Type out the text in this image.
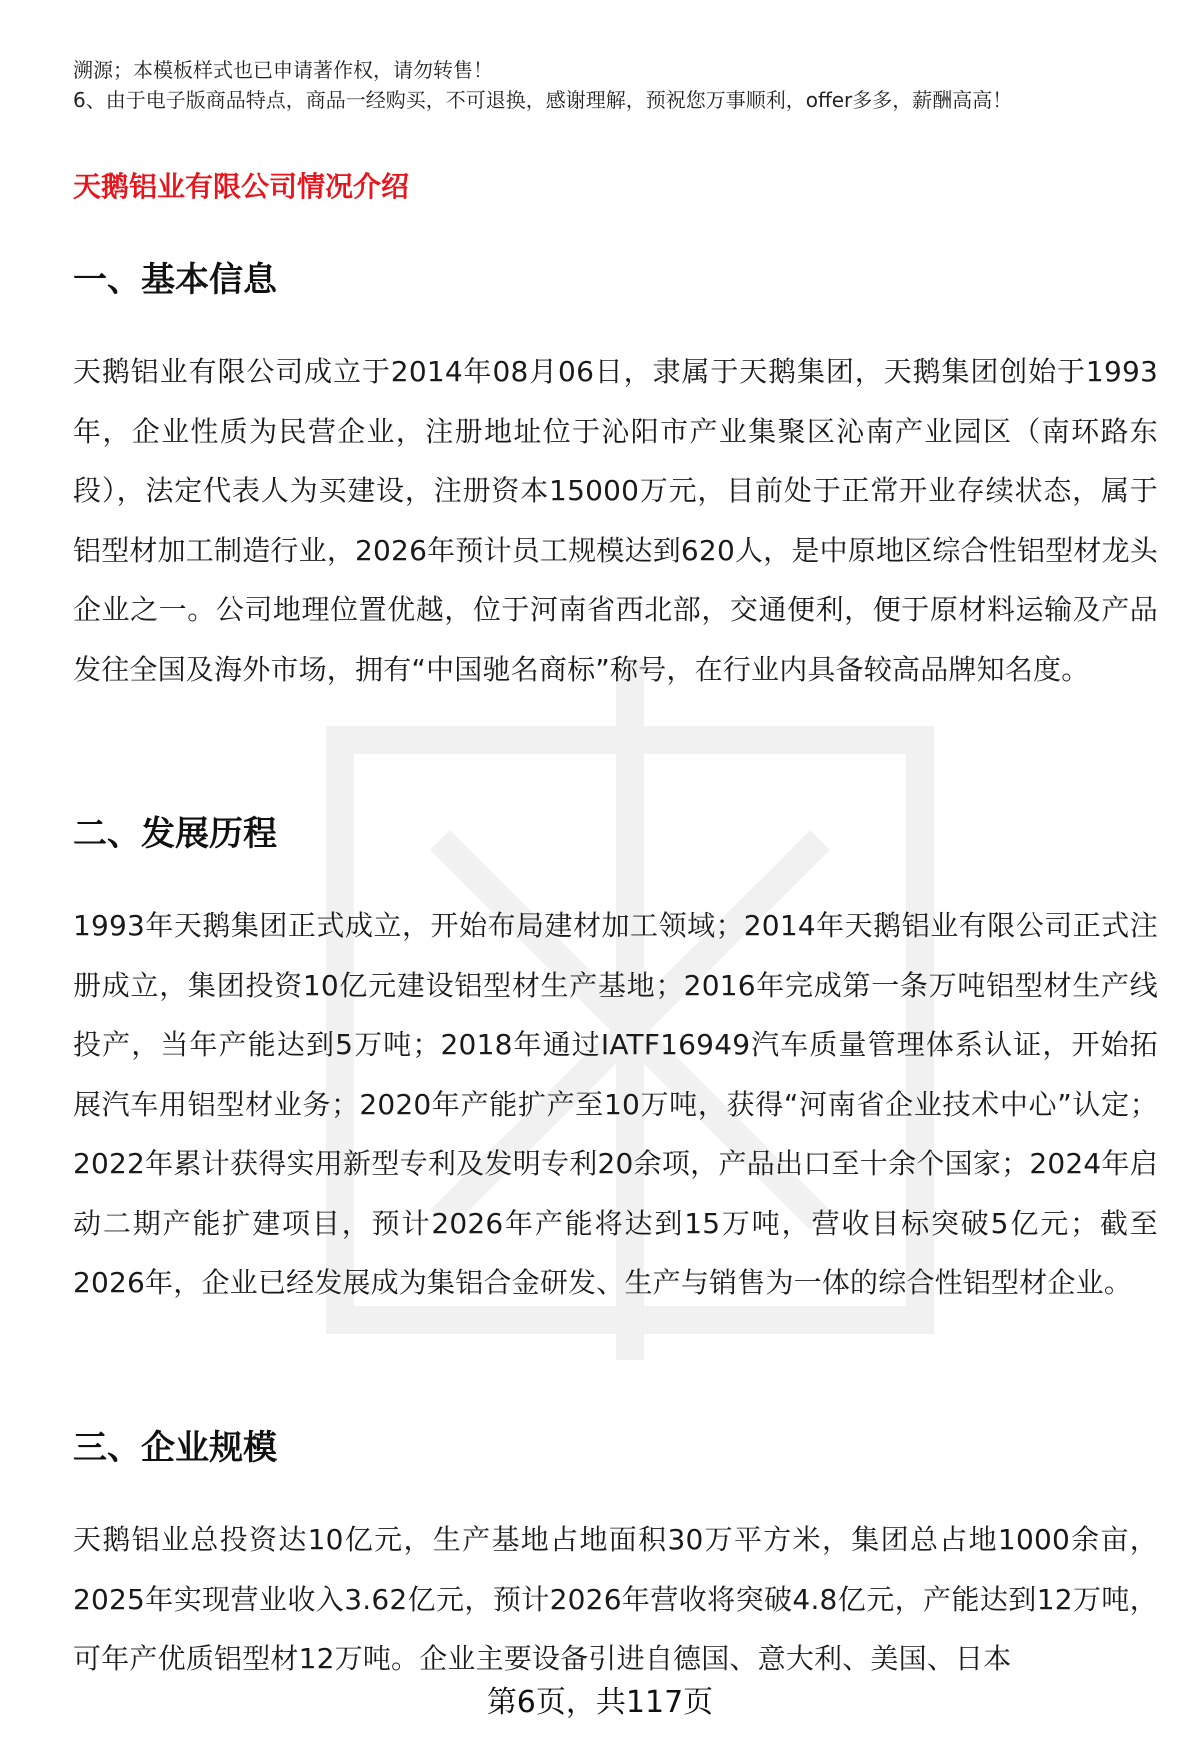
溯源；本模板样式也已申请著作权，请勿转售！
6、由于电子版商品特点，商品一经购买，不可退换，感谢理解，预祝您万事顺利，offer多多，薪酬高高！
天鹅铝业有限公司情况介绍
一、基本信息
天鹅铝业有限公司成立于2014年08月06日，隶属于天鹅集团，天鹅集团创始于1993年，企业性质为民营企业，注册地址位于沁阳市产业集聚区沁南产业园区（南环路东段），法定代表人为买建设，注册资本15000万元，目前处于正常开业存续状态，属于铝型材加工制造行业，2026年预计员工规模达到620人，是中原地区综合性铝型材龙头企业之一。公司地理位置优越，位于河南省西北部，交通便利，便于原材料运输及产品发往全国及海外市场，拥有“中国驰名商标”称号，在行业内具备较高品牌知名度。
二、发展历程
1993年天鹅集团正式成立，开始布局建材加工领域；2014年天鹅铝业有限公司正式注册成立，集团投资10亿元建设铝型材生产基地；2016年完成第一条万吨铝型材生产线投产，当年产能达到5万吨；2018年通过IATF16949汽车质量管理体系认证，开始拓展汽车用铝型材业务；2020年产能扩产至10万吨，获得“河南省企业技术中心”认定；2022年累计获得实用新型专利及发明专利20余项，产品出口至十余个国家；2024年启动二期产能扩建项目，预计2026年产能将达到15万吨，营收目标突破5亿元；截至2026年，企业已经发展成为集铝合金研发、生产与销售为一体的综合性铝型材企业。
三、企业规模
天鹅铝业总投资达10亿元，生产基地占地面积30万平方米，集团总占地1000余亩，2025年实现营业收入3.62亿元，预计2026年营收将突破4.8亿元，产能达到12万吨，可年产优质铝型材12万吨。企业主要设备引进自德国、意大利、美国、日本
第6页，共117页
